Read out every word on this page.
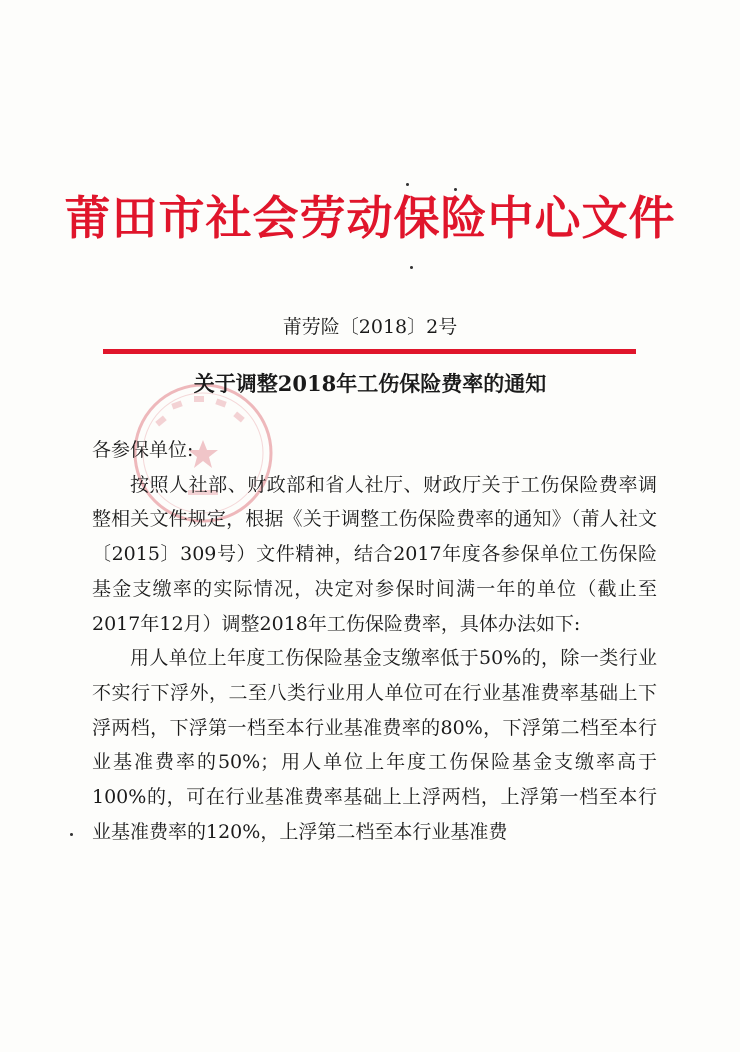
莆田市社会劳动保险中心文件
莆劳险〔2018〕2号
关于调整2018年工伤保险费率的通知

各参保单位:

按照人社部、财政部和省人社厅、财政厅关于工伤保险费率调整相关文件规定，根据《关于调整工伤保险费率的通知》（莆人社文〔2015〕309号）文件精神，结合2017年度各参保单位工伤保险基金支缴率的实际情况，决定对参保时间满一年的单位（截止至2017年12月）调整2018年工伤保险费率，具体办法如下:

用人单位上年度工伤保险基金支缴率低于50%的，除一类行业不实行下浮外，二至八类行业用人单位可在行业基准费率基础上下浮两档，下浮第一档至本行业基准费率的80%，下浮第二档至本行业基准费率的50%；用人单位上年度工伤保险基金支缴率高于100%的，可在行业基准费率基础上上浮两档，上浮第一档至本行业基准费率的120%，上浮第二档至本行业基准费
